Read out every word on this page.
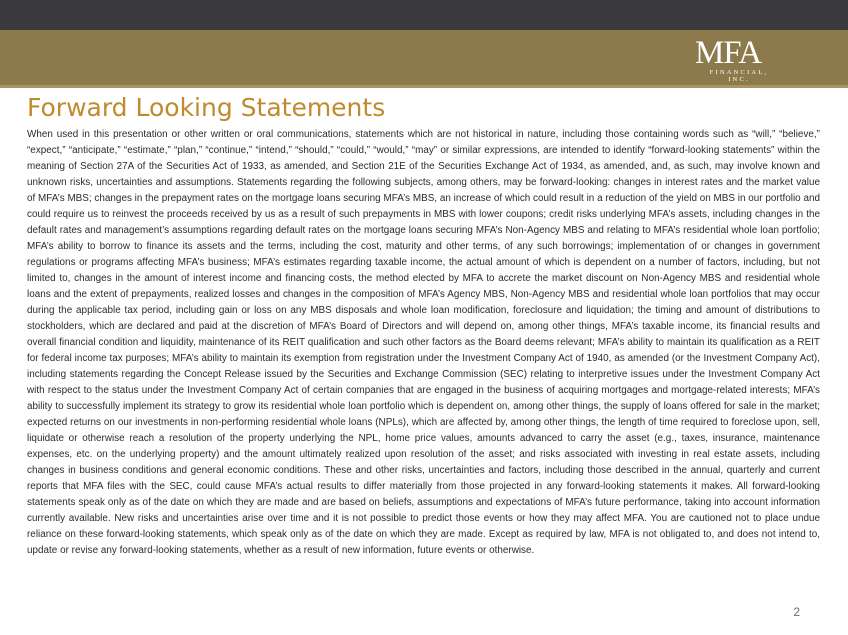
MFA
FINANCIAL, INC.
Forward Looking Statements

When used in this presentation or other written or oral communications, statements which are not historical in nature, including those containing words such as “will,” “believe,” “expect,” “anticipate,” “estimate,” “plan,” “continue,” “intend,” “should,” “could,” “would,” “may” or similar expressions, are intended to identify “forward-looking statements” within the meaning of Section 27A of the Securities Act of 1933, as amended, and Section 21E of the Securities Exchange Act of 1934, as amended, and, as such, may involve known and unknown risks, uncertainties and assumptions. Statements regarding the following subjects, among others, may be forward-looking: changes in interest rates and the market value of MFA’s MBS; changes in the prepayment rates on the mortgage loans securing MFA’s MBS, an increase of which could result in a reduction of the yield on MBS in our portfolio and could require us to reinvest the proceeds received by us as a result of such prepayments in MBS with lower coupons; credit risks underlying MFA’s assets, including changes in the default rates and management’s assumptions regarding default rates on the mortgage loans securing MFA’s Non-Agency MBS and relating to MFA’s residential whole loan portfolio; MFA’s ability to borrow to finance its assets and the terms, including the cost, maturity and other terms, of any such borrowings; implementation of or changes in government regulations or programs affecting MFA’s business; MFA’s estimates regarding taxable income, the actual amount of which is dependent on a number of factors, including, but not limited to, changes in the amount of interest income and financing costs, the method elected by MFA to accrete the market discount on Non-Agency MBS and residential whole loans and the extent of prepayments, realized losses and changes in the composition of MFA’s Agency MBS, Non-Agency MBS and residential whole loan portfolios that may occur during the applicable tax period, including gain or loss on any MBS disposals and whole loan modification, foreclosure and liquidation; the timing and amount of distributions to stockholders, which are declared and paid at the discretion of MFA’s Board of Directors and will depend on, among other things, MFA’s taxable income, its financial results and overall financial condition and liquidity, maintenance of its REIT qualification and such other factors as the Board deems relevant; MFA’s ability to maintain its qualification as a REIT for federal income tax purposes; MFA’s ability to maintain its exemption from registration under the Investment Company Act of 1940, as amended (or the Investment Company Act), including statements regarding the Concept Release issued by the Securities and Exchange Commission (SEC) relating to interpretive issues under the Investment Company Act with respect to the status under the Investment Company Act of certain companies that are engaged in the business of acquiring mortgages and mortgage-related interests; MFA’s ability to successfully implement its strategy to grow its residential whole loan portfolio which is dependent on, among other things, the supply of loans offered for sale in the market; expected returns on our investments in non-performing residential whole loans (NPLs), which are affected by, among other things, the length of time required to foreclose upon, sell, liquidate or otherwise reach a resolution of the property underlying the NPL, home price values, amounts advanced to carry the asset (e.g., taxes, insurance, maintenance expenses, etc. on the underlying property) and the amount ultimately realized upon resolution of the asset; and risks associated with investing in real estate assets, including changes in business conditions and general economic conditions. These and other risks, uncertainties and factors, including those described in the annual, quarterly and current reports that MFA files with the SEC, could cause MFA’s actual results to differ materially from those projected in any forward-looking statements it makes. All forward-looking statements speak only as of the date on which they are made and are based on beliefs, assumptions and expectations of MFA’s future performance, taking into account information currently available. New risks and uncertainties arise over time and it is not possible to predict those events or how they may affect MFA. You are cautioned not to place undue reliance on these forward-looking statements, which speak only as of the date on which they are made. Except as required by law, MFA is not obligated to, and does not intend to, update or revise any forward-looking statements, whether as a result of new information, future events or otherwise.

2
